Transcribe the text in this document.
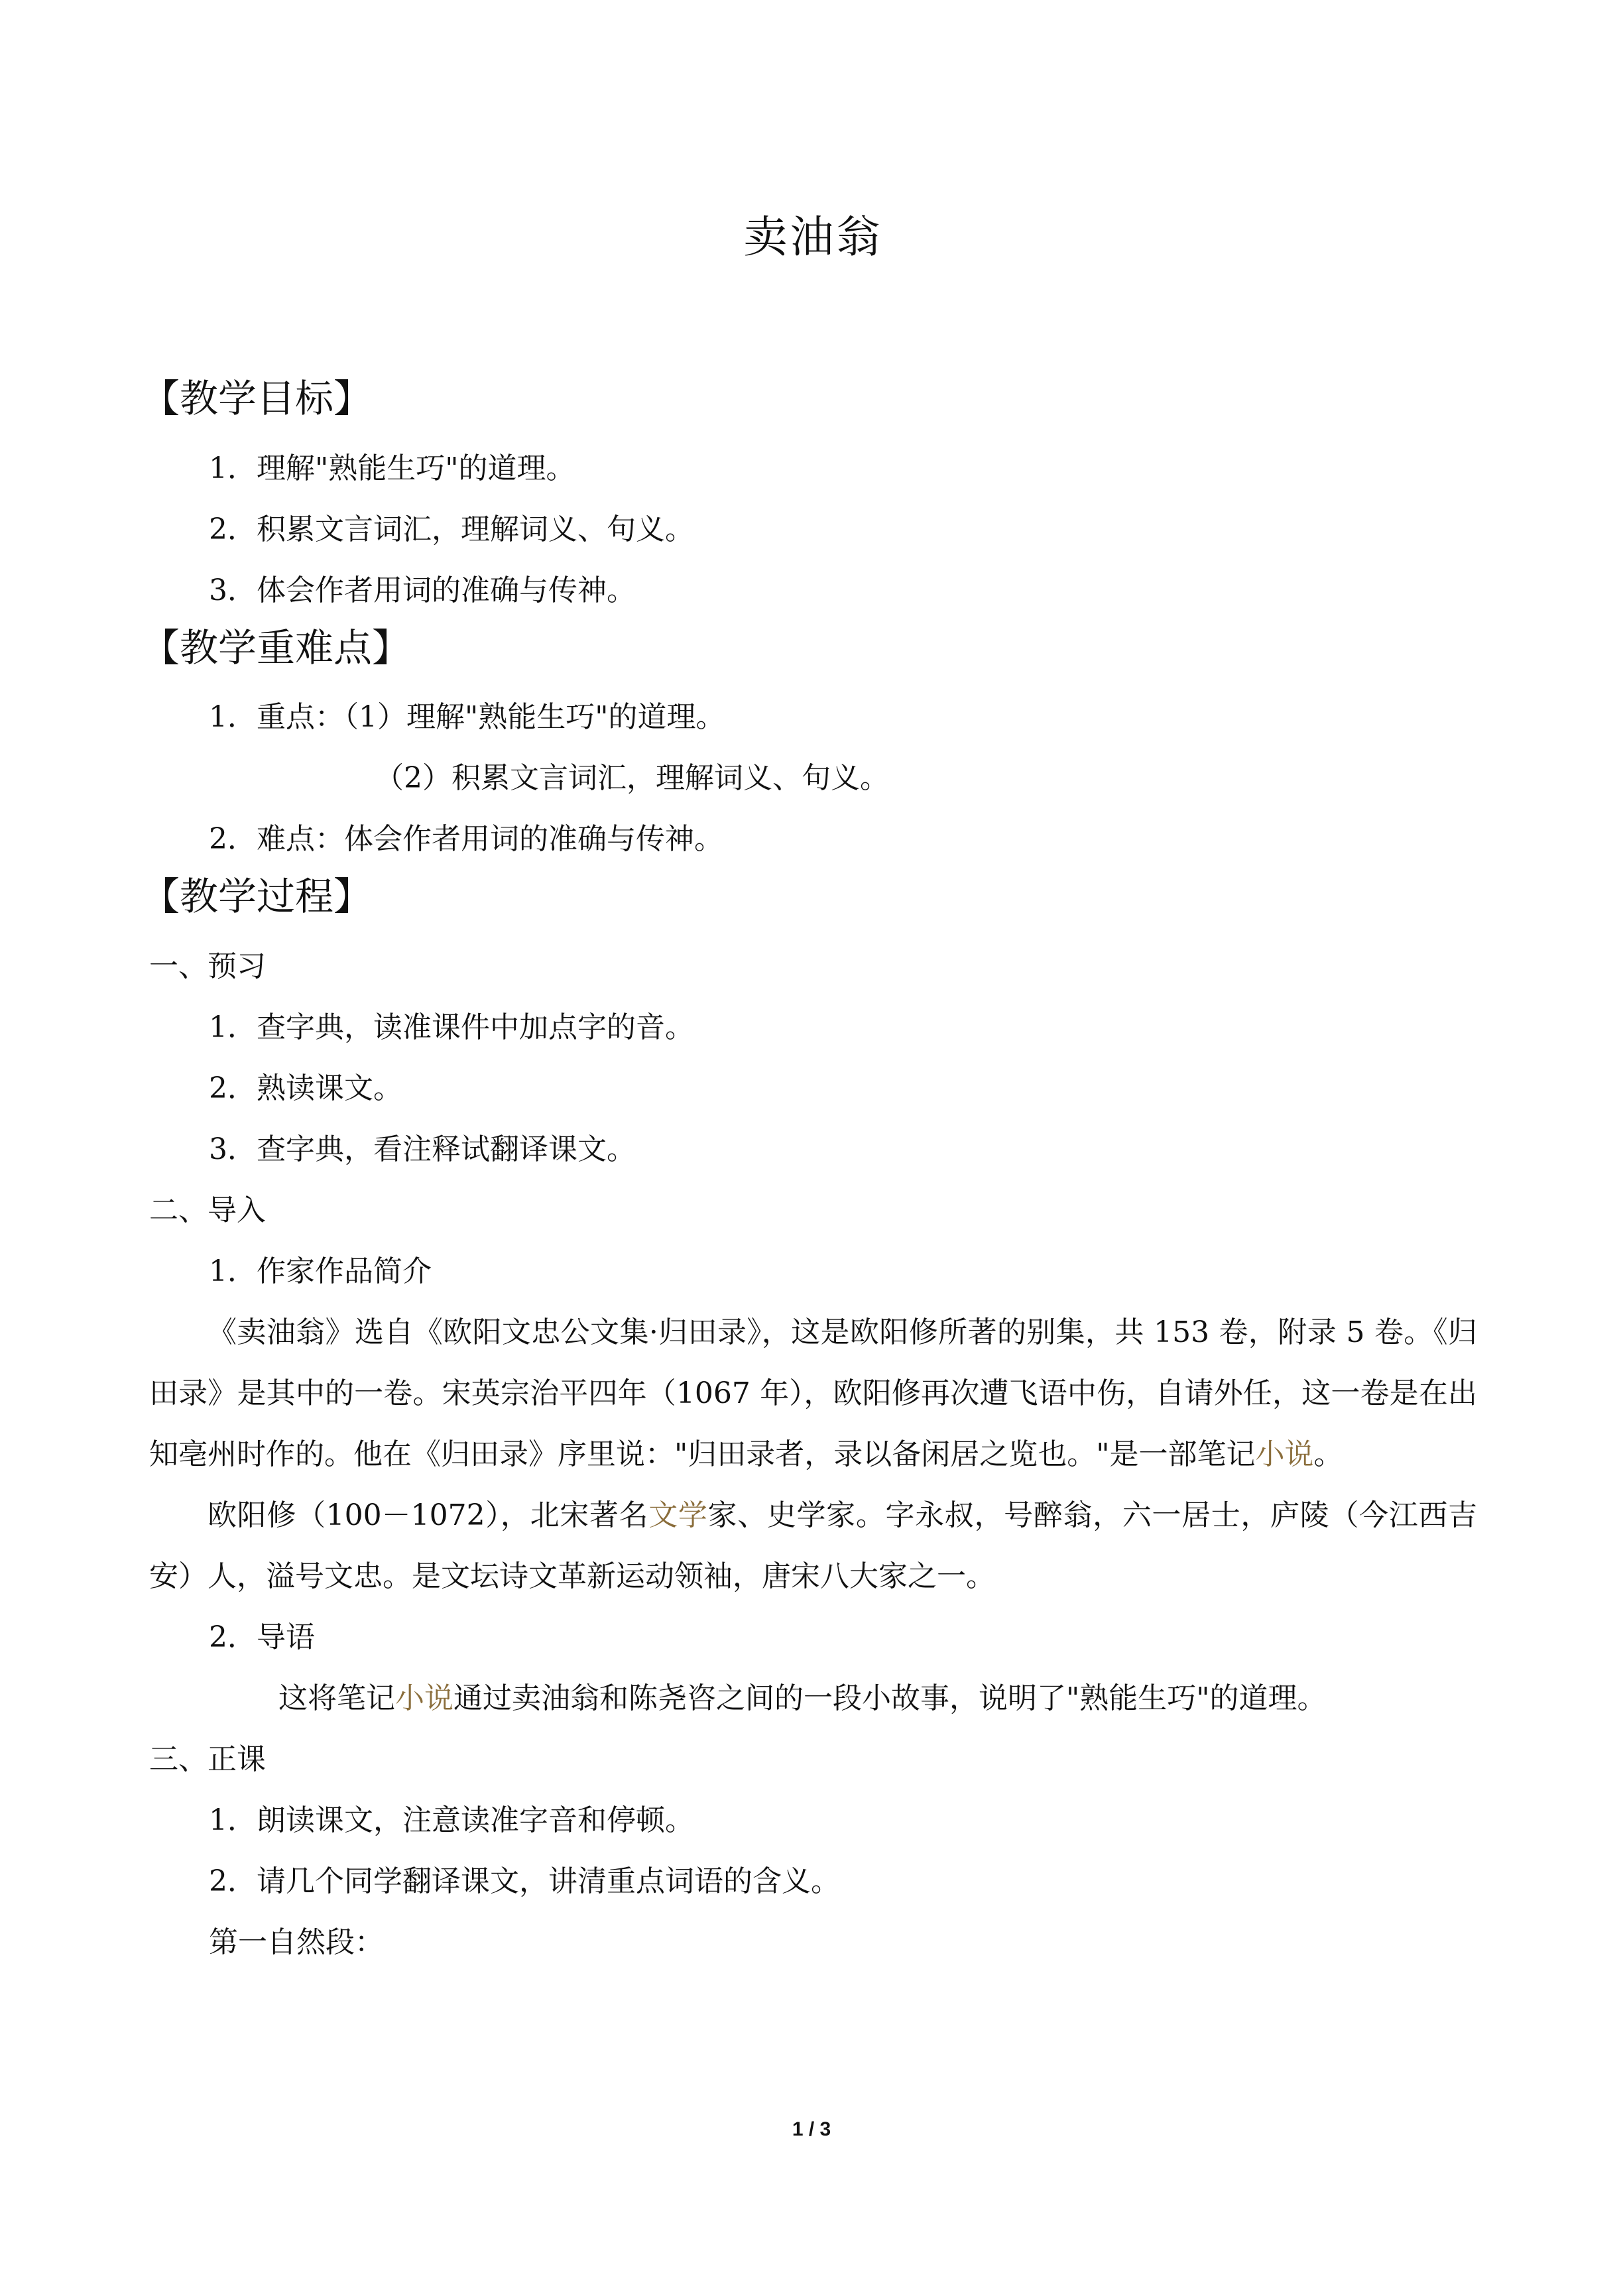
卖油翁
【教学目标】

1．理解"熟能生巧"的道理。

2．积累文言词汇，理解词义、句义。

3．体会作者用词的准确与传神。

【教学重难点】

1．重点：（1）理解"熟能生巧"的道理。

（2）积累文言词汇，理解词义、句义。

2．难点：体会作者用词的准确与传神。

【教学过程】

一、预习

1．查字典，读准课件中加点字的音。

2．熟读课文。

3．查字典，看注释试翻译课文。

二、导入

1．作家作品简介

《卖油翁》选自《欧阳文忠公文集·归田录》，这是欧阳修所著的别集，共 153 卷，附录 5 卷。《归田录》是其中的一卷。宋英宗治平四年（1067 年），欧阳修再次遭飞语中伤，自请外任，这一卷是在出知亳州时作的。他在《归田录》序里说："归田录者，录以备闲居之览也。"是一部笔记小说。

欧阳修（100－1072），北宋著名文学家、史学家。字永叔，号醉翁，六一居士，庐陵（今江西吉安）人，溢号文忠。是文坛诗文革新运动领袖，唐宋八大家之一。

2．导语

这将笔记小说通过卖油翁和陈尧咨之间的一段小故事，说明了"熟能生巧"的道理。

三、正课

1．朗读课文，注意读准字音和停顿。

2．请几个同学翻译课文，讲清重点词语的含义。

第一自然段：

1 / 3
